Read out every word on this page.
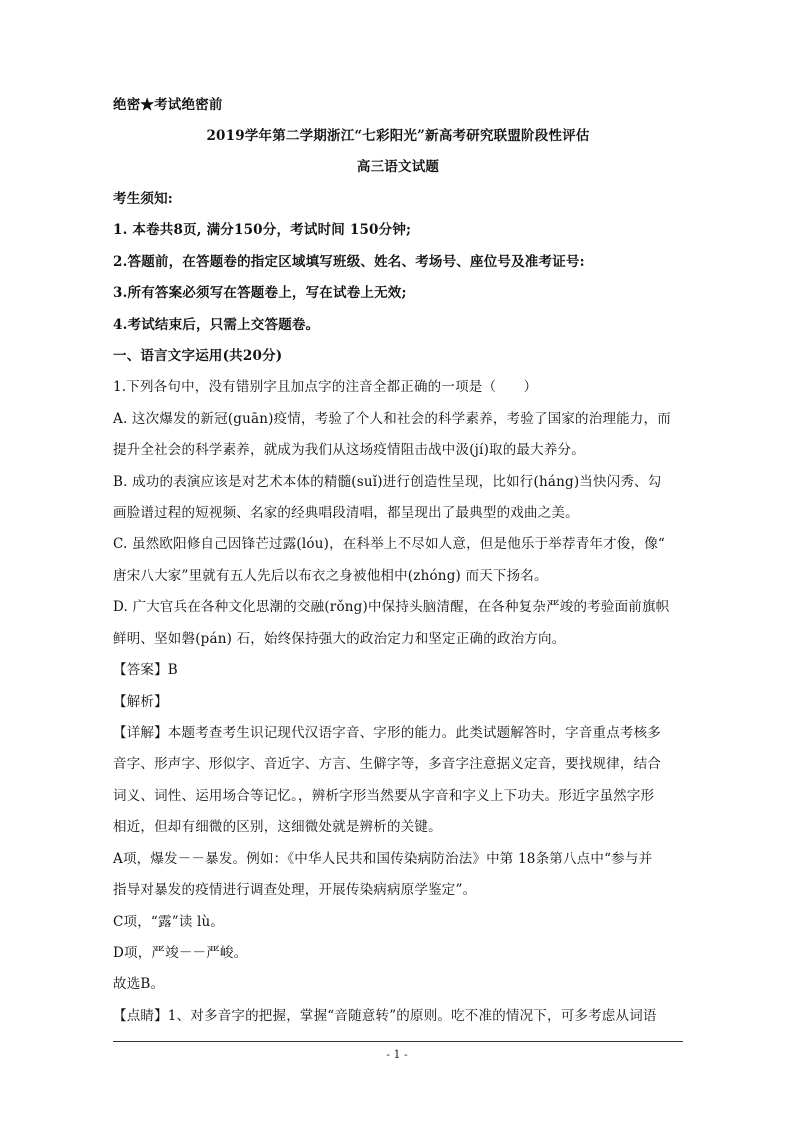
绝密★考试绝密前
2019学年第二学期浙江“七彩阳光”新高考研究联盟阶段性评估
高三语文试题
考生须知:
1. 本卷共8页, 满分150分，考试时间 150分钟;
2.答题前，在答题卷的指定区域填写班级、姓名、考场号、座位号及准考证号:
3.所有答案必须写在答题卷上，写在试卷上无效;
4.考试结束后，只需上交答题卷。
一、语言文字运用(共20分)
1.下列各句中，没有错别字且加点字的注音全都正确的一项是（　　）
A. 这次爆发的新冠(guān)疫情，考验了个人和社会的科学素养，考验了国家的治理能力，而
提升全社会的科学素养，就成为我们从这场疫情阻击战中汲(jí)取的最大养分。
B. 成功的表演应该是对艺术本体的精髓(suǐ)进行创造性呈现，比如行(háng)当快闪秀、勾
画脸谱过程的短视频、名家的经典唱段清唱，都呈现出了最典型的戏曲之美。
C. 虽然欧阳修自己因锋芒过露(lóu)，在科举上不尽如人意，但是他乐于举荐青年才俊，像“
唐宋八大家”里就有五人先后以布衣之身被他相中(zhóng) 而天下扬名。
D. 广大官兵在各种文化思潮的交融(rǒng)中保持头脑清醒，在各种复杂严竣的考验面前旗帜
鲜明、坚如磐(pán) 石，始终保持强大的政治定力和坚定正确的政治方向。
【答案】B
【解析】
【详解】本题考查考生识记现代汉语字音、字形的能力。此类试题解答时，字音重点考核多
音字、形声字、形似字、音近字、方言、生僻字等，多音字注意据义定音，要找规律，结合
词义、词性、运用场合等记忆。，辨析字形当然要从字音和字义上下功夫。形近字虽然字形
相近，但却有细微的区别，这细微处就是辨析的关键。
A项，爆发－－暴发。例如：《中华人民共和国传染病防治法》中第 18条第八点中“参与并
指导对暴发的疫情进行调查处理，开展传染病病原学鉴定”。
C项，“露”读 lù。
D项，严竣－－严峻。
故选B。
【点睛】1、对多音字的把握，掌握“音随意转”的原则。吃不准的情况下，可多考虑从词语
- 1 -
